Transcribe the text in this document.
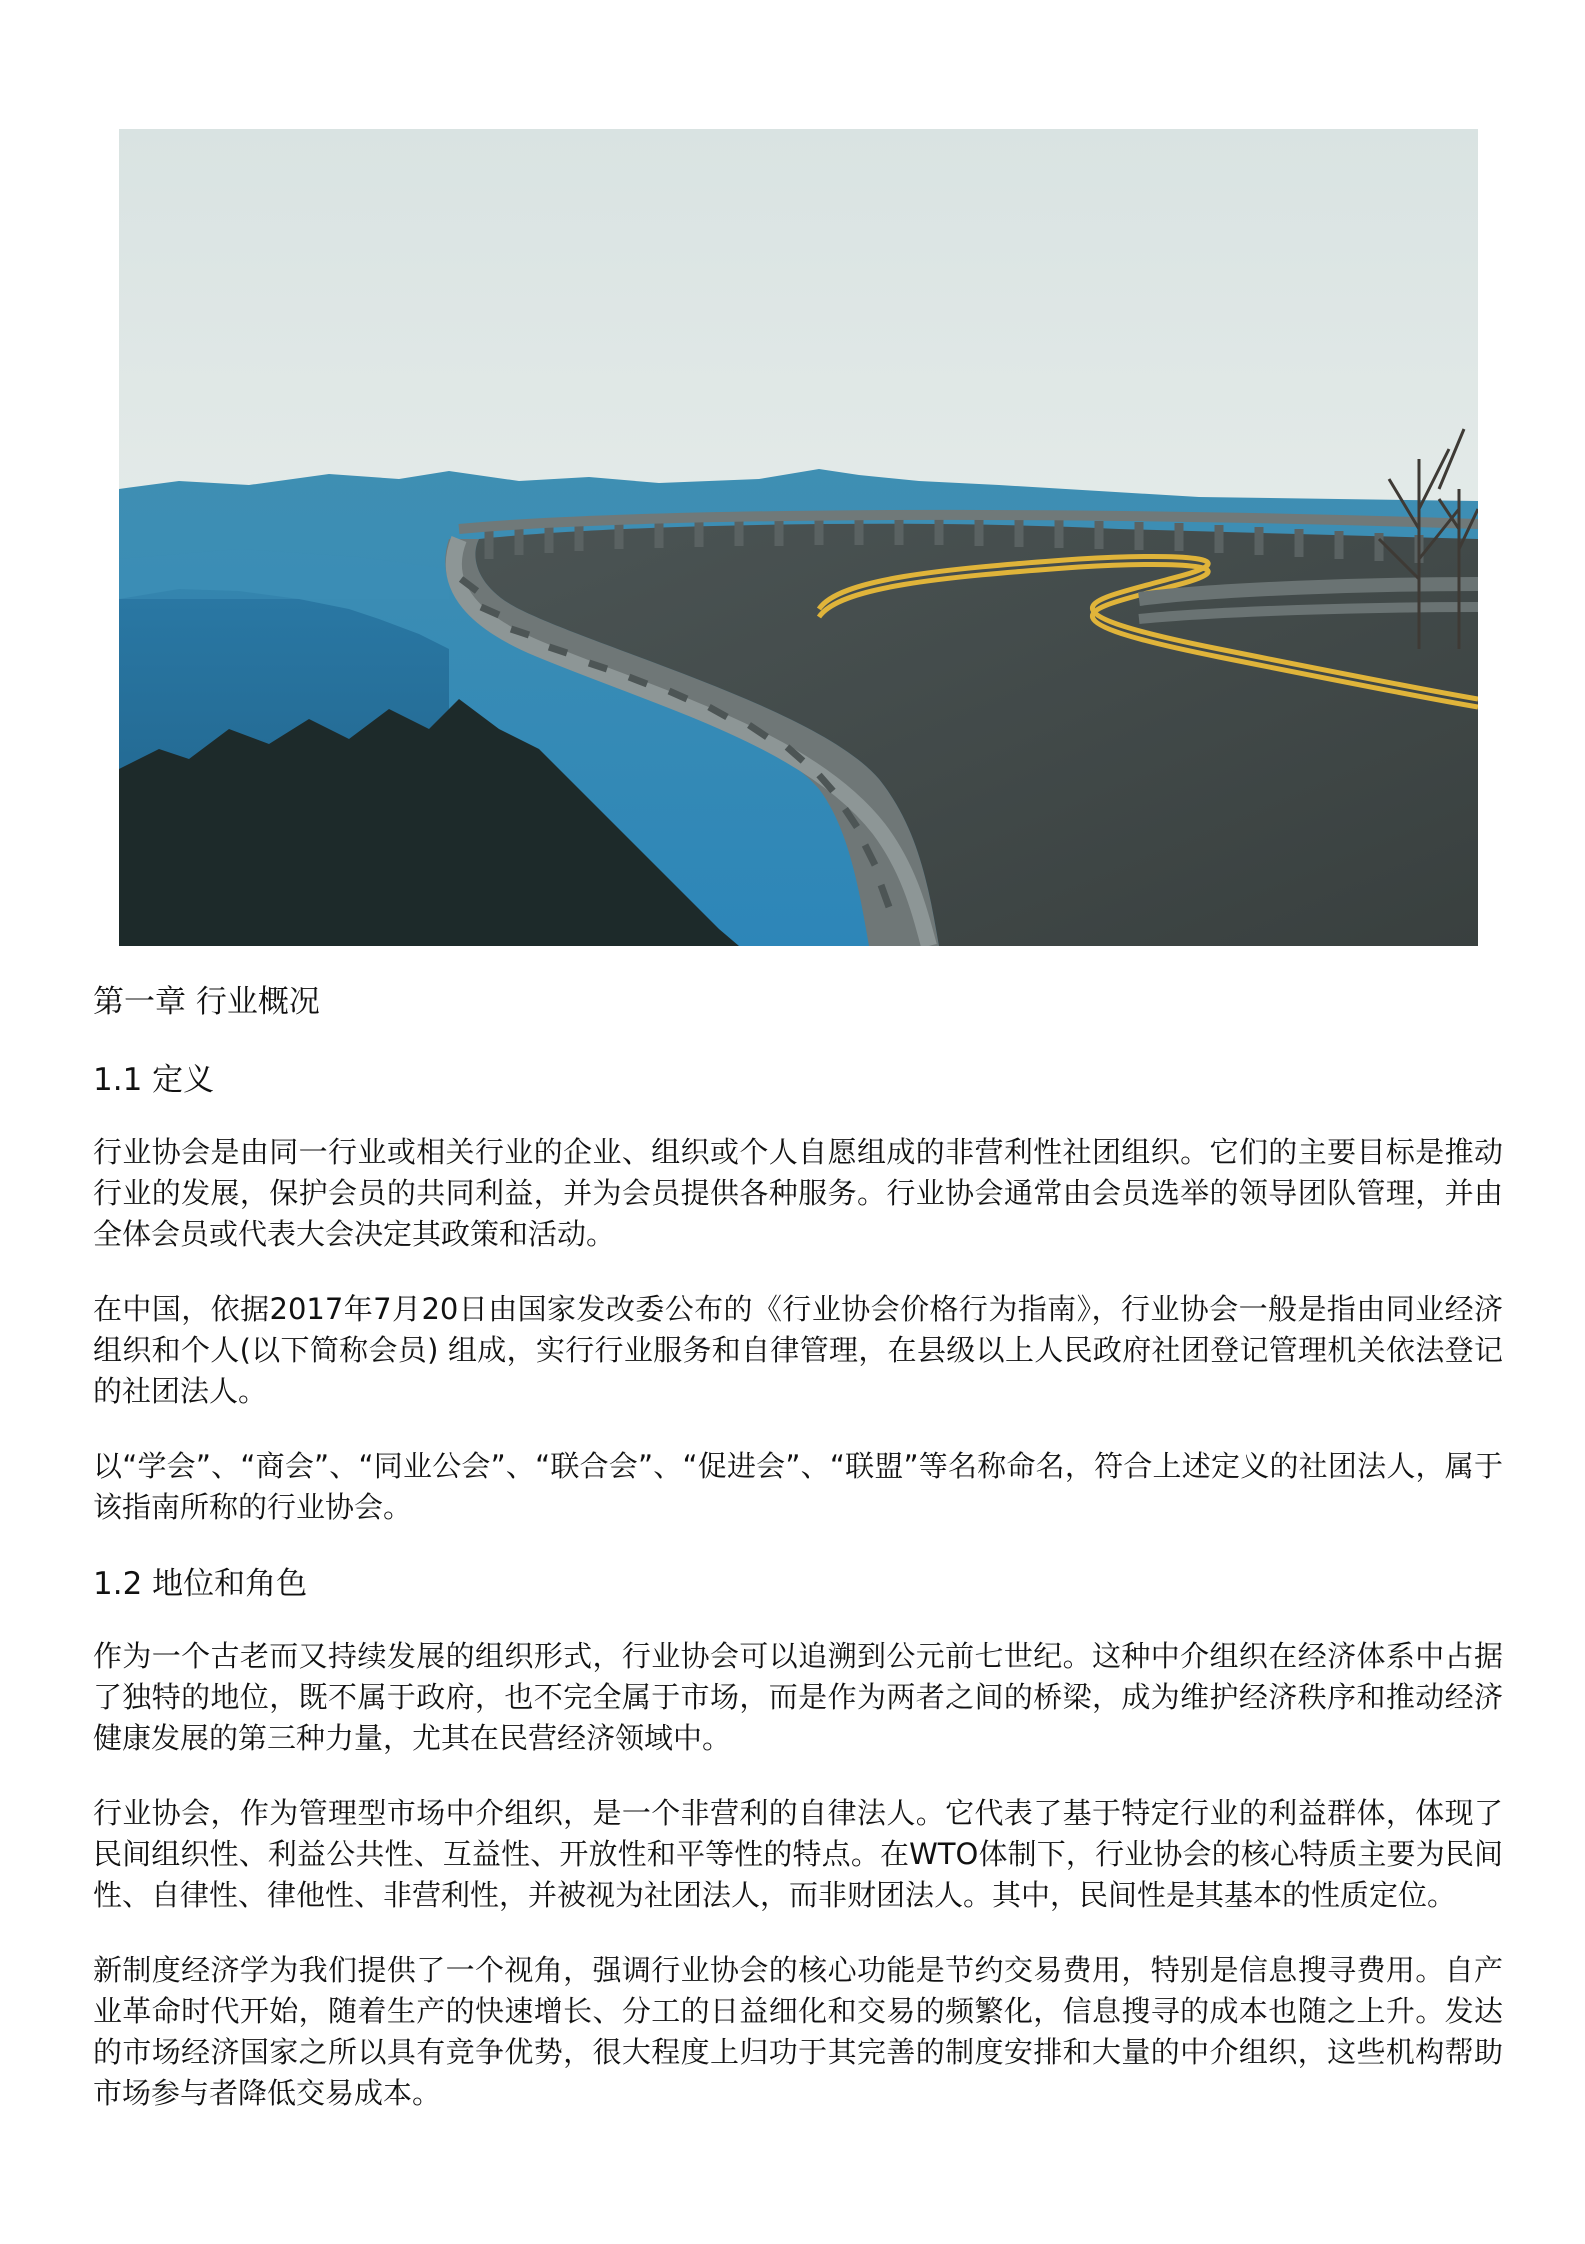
第一章 行业概况
1.1 定义

行业协会是由同一行业或相关行业的企业、组织或个人自愿组成的非营利性社团组织。它们的主要目标是推动行业的发展，保护会员的共同利益，并为会员提供各种服务。行业协会通常由会员选举的领导团队管理，并由全体会员或代表大会决定其政策和活动。

在中国，依据2017年7月20日由国家发改委公布的《行业协会价格行为指南》，行业协会一般是指由同业经济组织和个人(以下简称会员) 组成，实行行业服务和自律管理，在县级以上人民政府社团登记管理机关依法登记的社团法人。

以“学会”、“商会”、“同业公会”、“联合会”、“促进会”、“联盟”等名称命名，符合上述定义的社团法人，属于该指南所称的行业协会。

1.2 地位和角色

作为一个古老而又持续发展的组织形式，行业协会可以追溯到公元前七世纪。这种中介组织在经济体系中占据了独特的地位，既不属于政府，也不完全属于市场，而是作为两者之间的桥梁，成为维护经济秩序和推动经济健康发展的第三种力量，尤其在民营经济领域中。

行业协会，作为管理型市场中介组织，是一个非营利的自律法人。它代表了基于特定行业的利益群体，体现了民间组织性、利益公共性、互益性、开放性和平等性的特点。在WTO体制下，行业协会的核心特质主要为民间性、自律性、律他性、非营利性，并被视为社团法人，而非财团法人。其中，民间性是其基本的性质定位。

新制度经济学为我们提供了一个视角，强调行业协会的核心功能是节约交易费用，特别是信息搜寻费用。自产业革命时代开始，随着生产的快速增长、分工的日益细化和交易的频繁化，信息搜寻的成本也随之上升。发达的市场经济国家之所以具有竞争优势，很大程度上归功于其完善的制度安排和大量的中介组织，这些机构帮助市场参与者降低交易成本。
